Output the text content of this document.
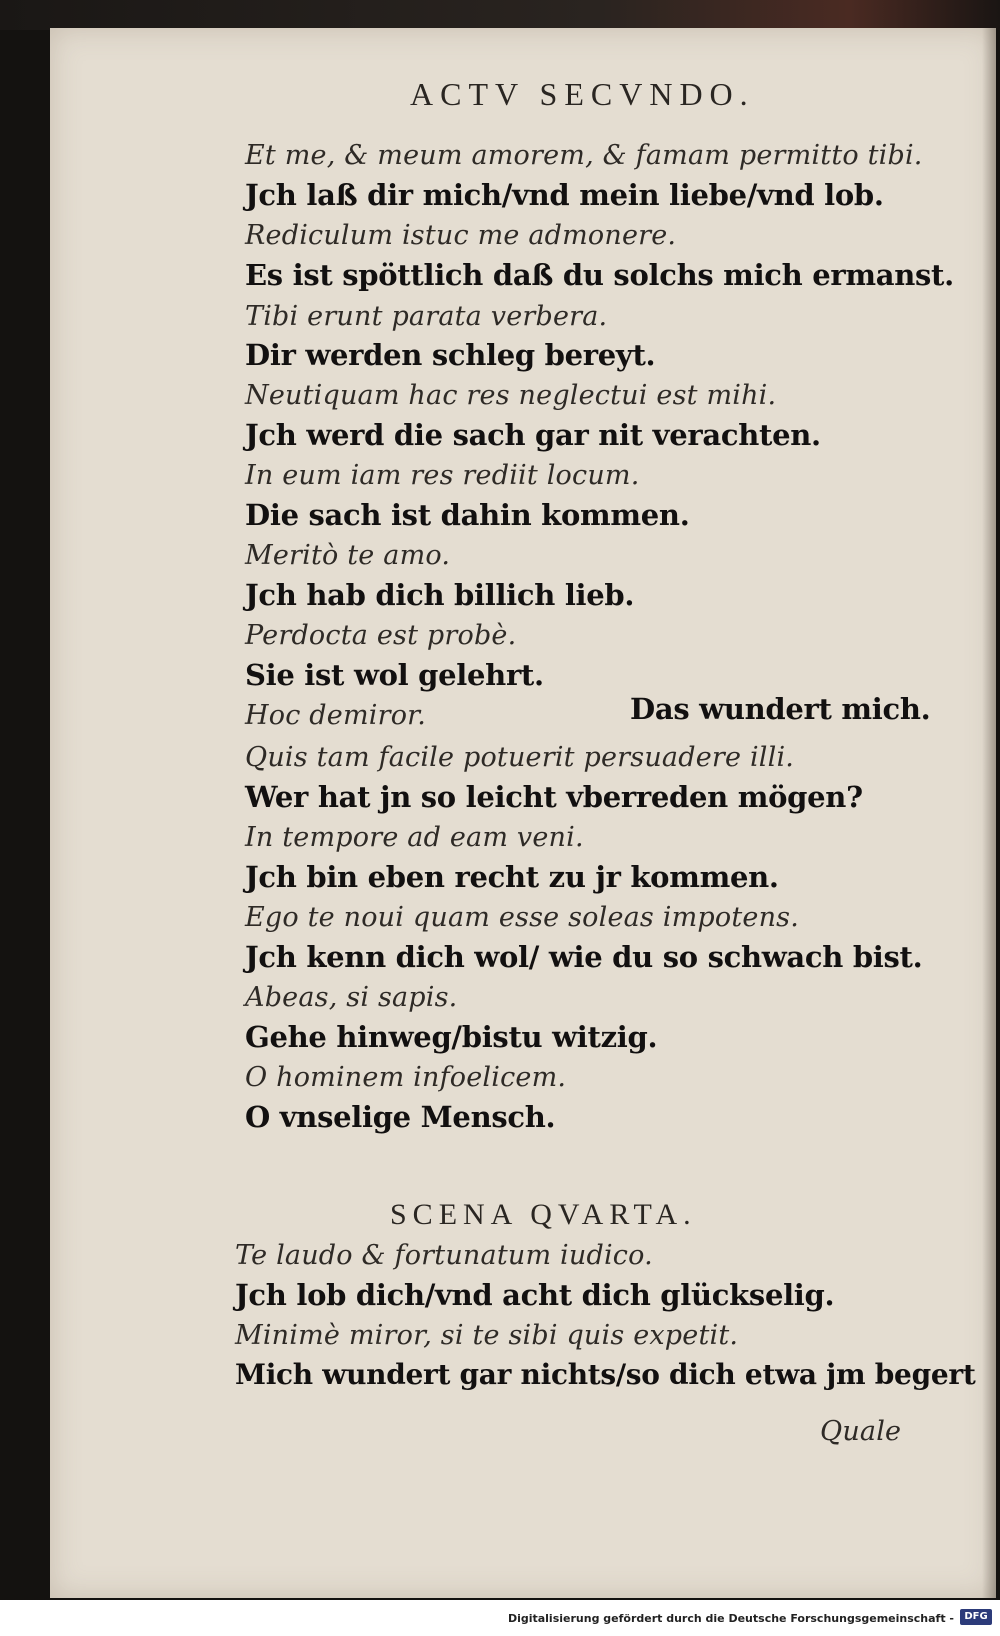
ACTV SECVNDO.
Et me, & meum amorem, & famam permitto tibi.
Jch laß dir mich/vnd mein liebe/vnd lob.
Rediculum istuc me admonere.
Es ist spöttlich daß du solchs mich ermanst.
Tibi erunt parata verbera.
Dir werden schleg bereyt.
Neutiquam hac res neglectui est mihi.
Jch werd die sach gar nit verachten.
In eum iam res rediit locum.
Die sach ist dahin kommen.
Meritò te amo.
Jch hab dich billich lieb.
Perdocta est probè.
Sie ist wol gelehrt.
Hoc demiror.	Das wundert mich.
Quis tam facile potuerit persuadere illi.
Wer hat jn so leicht vberreden mögen?
In tempore ad eam veni.
Jch bin eben recht zu jr kommen.
Ego te noui quam esse soleas impotens.
Jch kenn dich wol/ wie du so schwach bist.
Abeas, si sapis.
Gehe hinweg/bistu witzig.
O hominem infoelicem.
O vnselige Mensch.
SCENA QVARTA.
Te laudo & fortunatum iudico.
Jch lob dich/vnd acht dich glückselig.
Minimè miror, si te sibi quis expetit.
Mich wundert gar nichts/so dich etwa jm begert
Quale
Digitalisierung gefördert durch die Deutsche Forschungsgemeinschaft -	DFG
